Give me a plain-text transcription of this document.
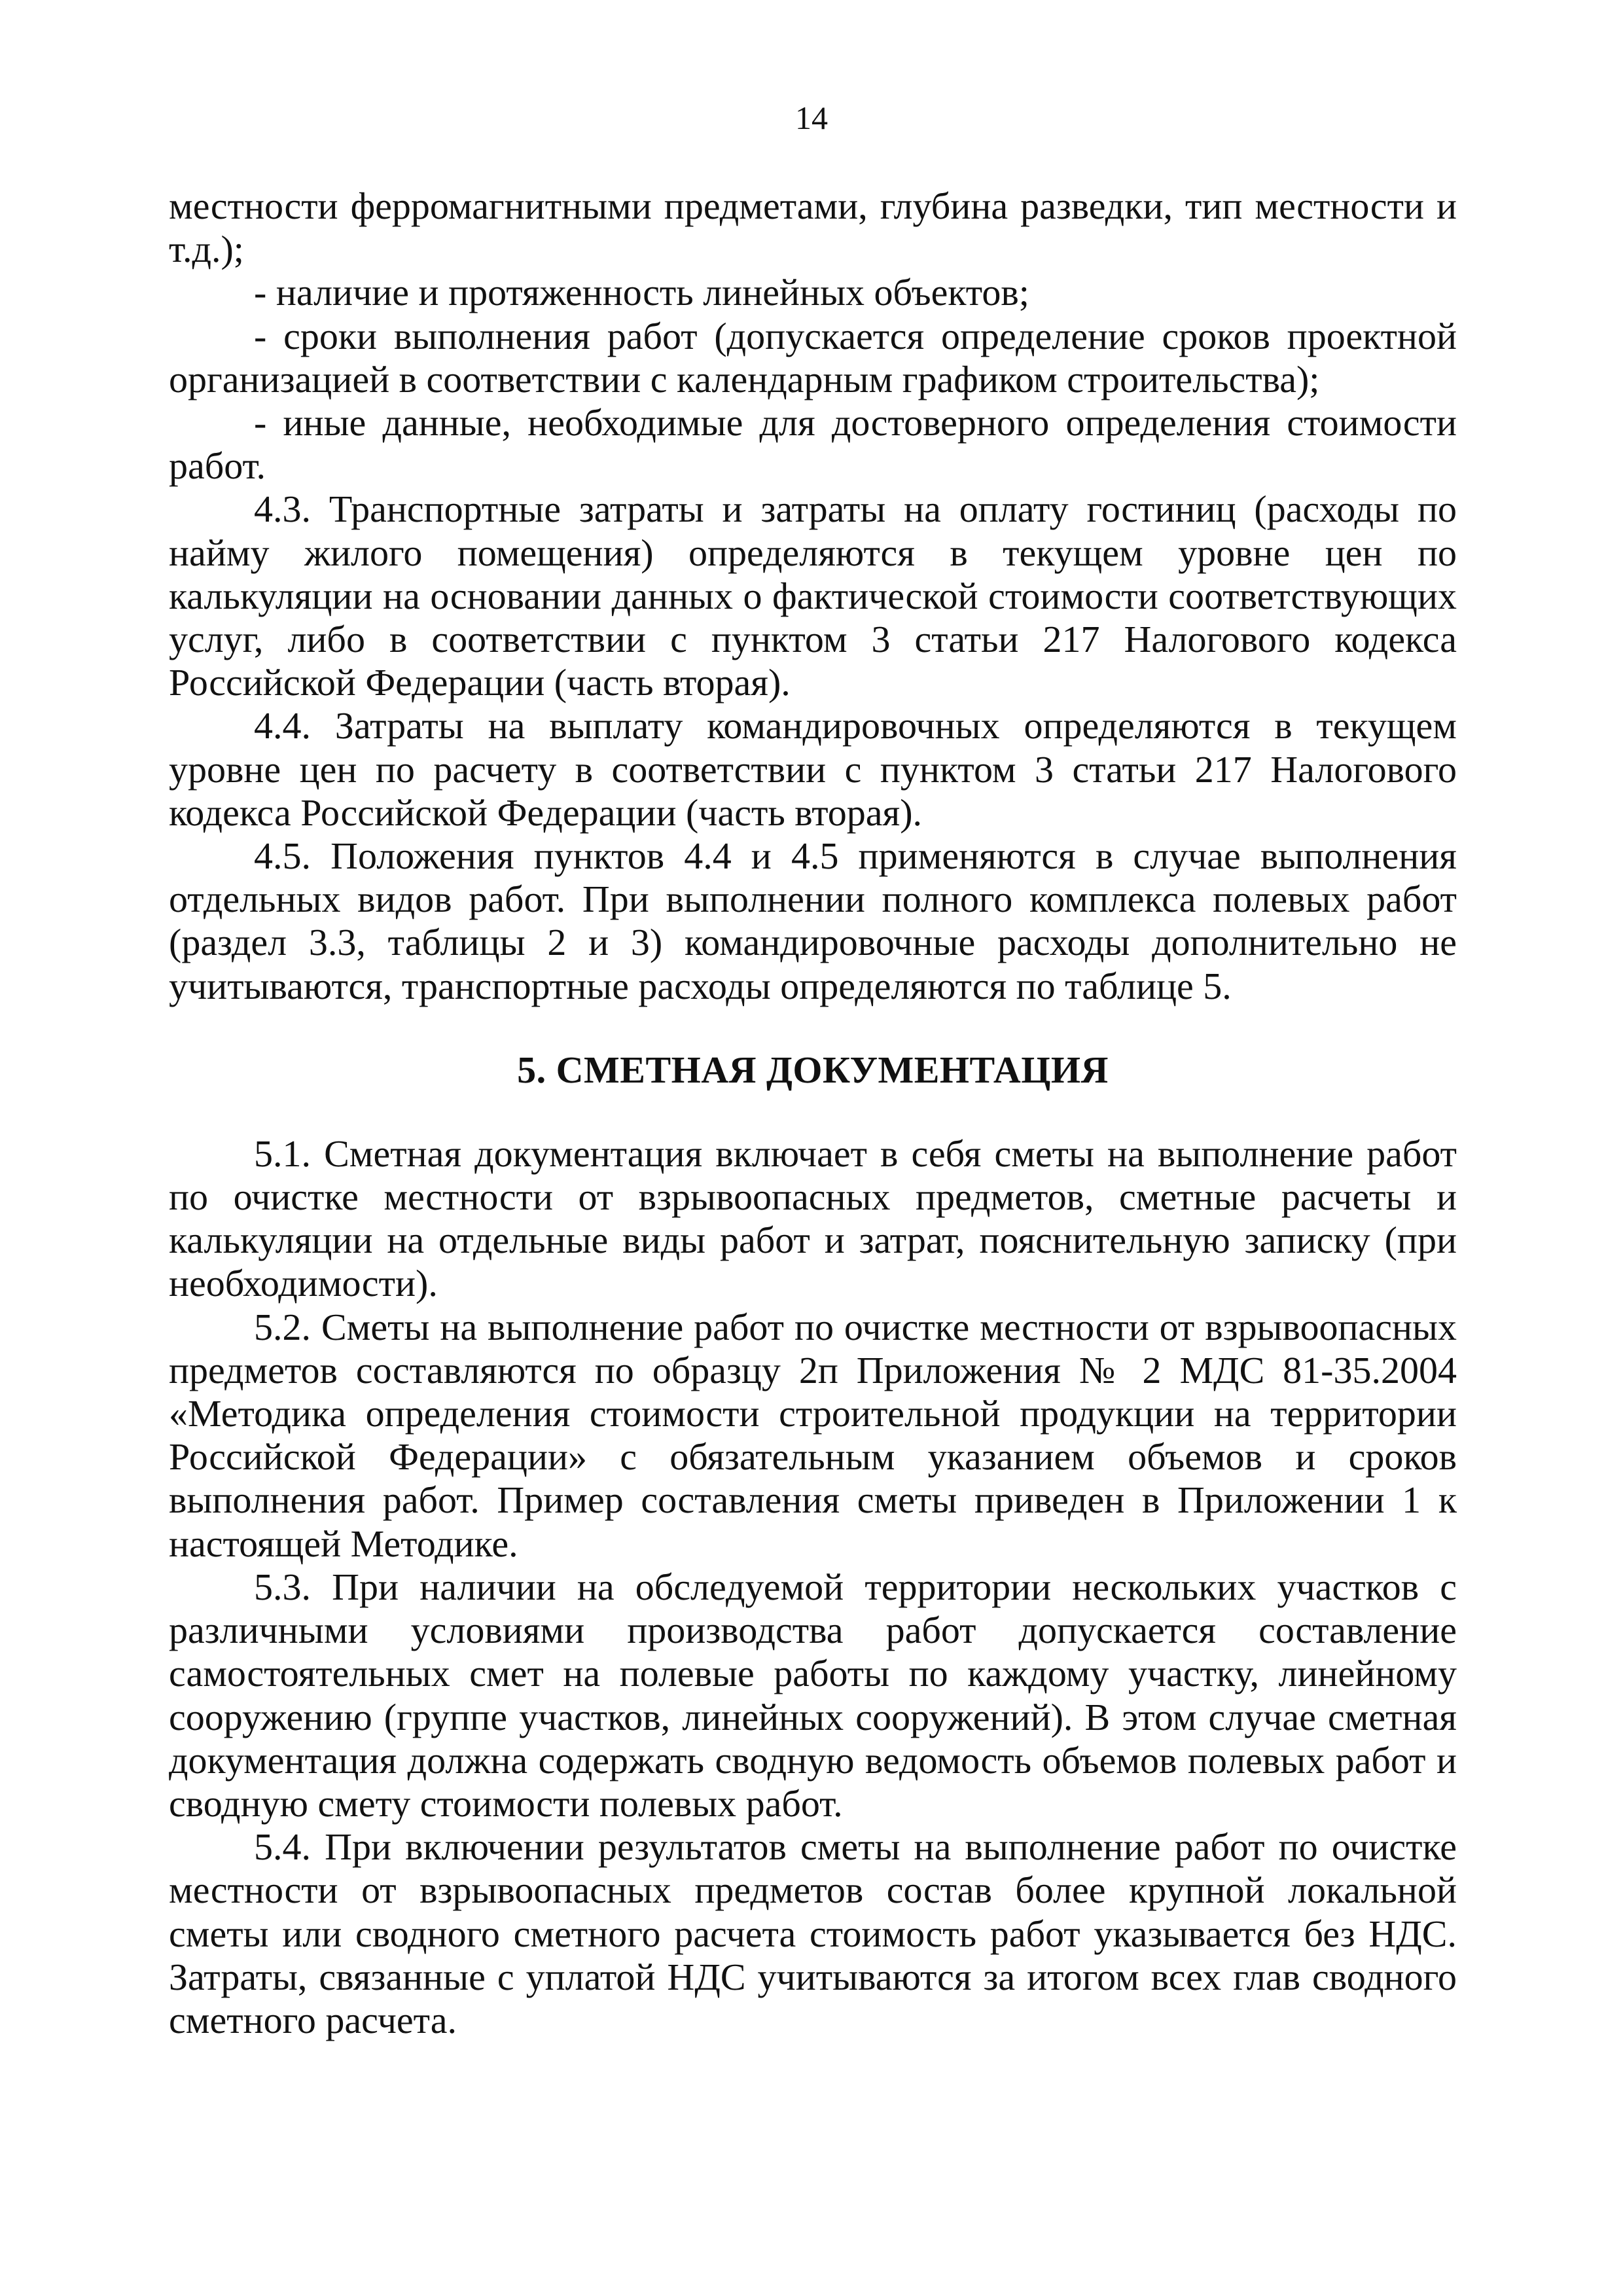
14

местности ферромагнитными предметами, глубина разведки, тип местности и т.д.);

- наличие и протяженность линейных объектов;

- сроки выполнения работ (допускается определение сроков проектной организацией в соответствии с календарным графиком строительства);

- иные данные, необходимые для достоверного определения стоимости работ.

4.3. Транспортные затраты и затраты на оплату гостиниц (расходы по найму жилого помещения) определяются в текущем уровне цен по калькуляции на основании данных о фактической стоимости соответствующих услуг, либо в соответствии с пунктом 3 статьи 217 Налогового кодекса Российской Федерации (часть вторая).

4.4. Затраты на выплату командировочных определяются в текущем уровне цен по расчету в соответствии с пунктом 3 статьи 217 Налогового кодекса Российской Федерации (часть вторая).

4.5. Положения пунктов 4.4 и 4.5 применяются в случае выполнения отдельных видов работ. При выполнении полного комплекса полевых работ (раздел 3.3, таблицы 2 и 3) командировочные расходы дополнительно не учитываются, транспортные расходы определяются по таблице 5.

5. СМЕТНАЯ ДОКУМЕНТАЦИЯ

5.1. Сметная документация включает в себя сметы на выполнение работ по очистке местности от взрывоопасных предметов, сметные расчеты и калькуляции на отдельные виды работ и затрат, пояснительную записку (при необходимости).

5.2. Сметы на выполнение работ по очистке местности от взрывоопасных предметов составляются по образцу 2п Приложения № 2 МДС 81-35.2004 «Методика определения стоимости строительной продукции на территории Российской Федерации» с обязательным указанием объемов и сроков выполнения работ. Пример составления сметы приведен в Приложении 1 к настоящей Методике.

5.3. При наличии на обследуемой территории нескольких участков с различными условиями производства работ допускается составление самостоятельных смет на полевые работы по каждому участку, линейному сооружению (группе участков, линейных сооружений). В этом случае сметная документация должна содержать сводную ведомость объемов полевых работ и сводную смету стоимости полевых работ.

5.4. При включении результатов сметы на выполнение работ по очистке местности от взрывоопасных предметов состав более крупной локальной сметы или сводного сметного расчета стоимость работ указывается без НДС. Затраты, связанные с уплатой НДС учитываются за итогом всех глав сводного сметного расчета.
